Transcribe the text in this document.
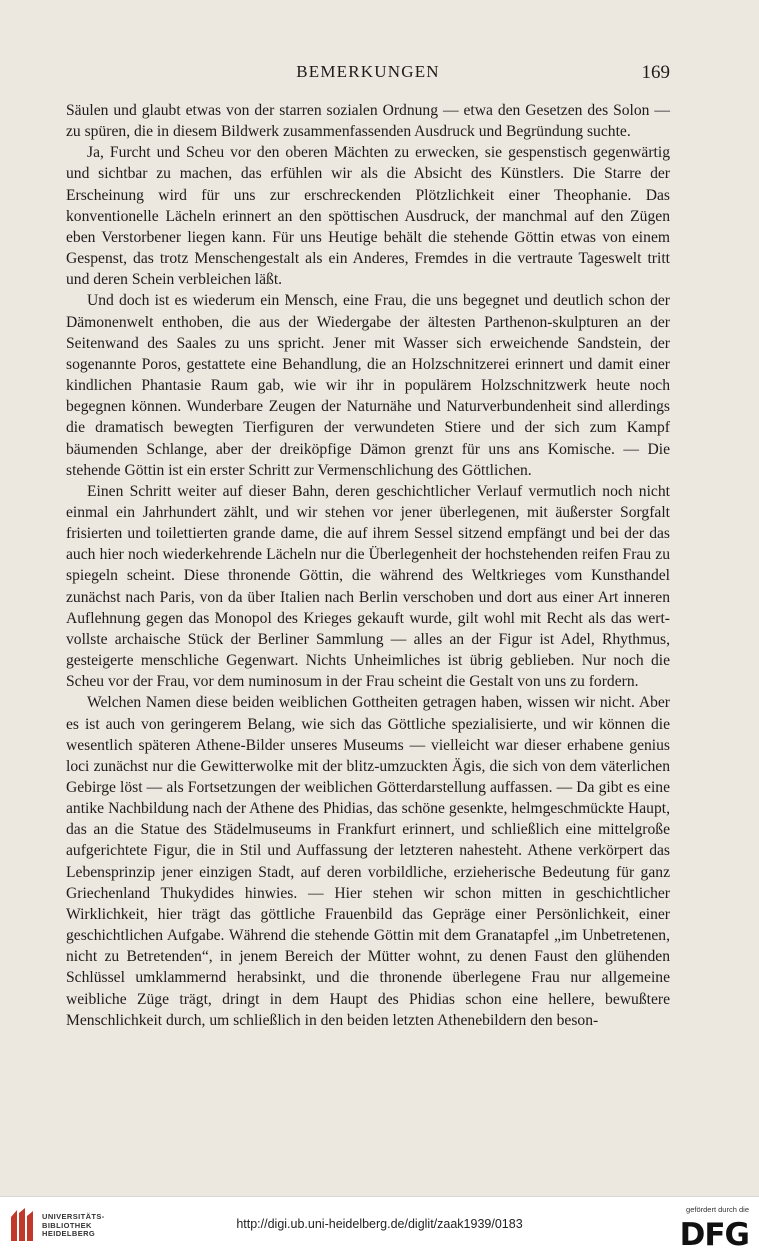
BEMERKUNGEN	169

Säulen und glaubt etwas von der starren sozialen Ordnung — etwa den Gesetzen des Solon — zu spüren, die in diesem Bildwerk zusammenfassenden Ausdruck und Begründung suchte.

Ja, Furcht und Scheu vor den oberen Mächten zu erwecken, sie gespenstisch gegenwärtig und sichtbar zu machen, das erfühlen wir als die Absicht des Künstlers. Die Starre der Erscheinung wird für uns zur erschreckenden Plötzlichkeit einer Theophanie. Das konventionelle Lächeln erinnert an den spöttischen Ausdruck, der manchmal auf den Zügen eben Verstorbener liegen kann. Für uns Heutige behält die stehende Göttin etwas von einem Gespenst, das trotz Menschengestalt als ein Anderes, Fremdes in die vertraute Tageswelt tritt und deren Schein verbleichen läßt.

Und doch ist es wiederum ein Mensch, eine Frau, die uns begegnet und deutlich schon der Dämonenwelt enthoben, die aus der Wiedergabe der ältesten Parthenon-skulpturen an der Seitenwand des Saales zu uns spricht. Jener mit Wasser sich erweichende Sandstein, der sogenannte Poros, gestattete eine Behandlung, die an Holzschnitzerei erinnert und damit einer kindlichen Phantasie Raum gab, wie wir ihr in populärem Holzschnitzwerk heute noch begegnen können. Wunderbare Zeugen der Naturnähe und Naturverbundenheit sind allerdings die dramatisch bewegten Tierfiguren der verwundeten Stiere und der sich zum Kampf bäumenden Schlange, aber der dreiköpfige Dämon grenzt für uns ans Komische. — Die stehende Göttin ist ein erster Schritt zur Vermenschlichung des Göttlichen.

Einen Schritt weiter auf dieser Bahn, deren geschichtlicher Verlauf vermutlich noch nicht einmal ein Jahrhundert zählt, und wir stehen vor jener überlegenen, mit äußerster Sorgfalt frisierten und toilettierten grande dame, die auf ihrem Sessel sitzend empfängt und bei der das auch hier noch wiederkehrende Lächeln nur die Überlegenheit der hochstehenden reifen Frau zu spiegeln scheint. Diese thronende Göttin, die während des Weltkrieges vom Kunsthandel zunächst nach Paris, von da über Italien nach Berlin verschoben und dort aus einer Art inneren Auflehnung gegen das Monopol des Krieges gekauft wurde, gilt wohl mit Recht als das wert-vollste archaische Stück der Berliner Sammlung — alles an der Figur ist Adel, Rhythmus, gesteigerte menschliche Gegenwart. Nichts Unheimliches ist übrig geblieben. Nur noch die Scheu vor der Frau, vor dem numinosum in der Frau scheint die Gestalt von uns zu fordern.

Welchen Namen diese beiden weiblichen Gottheiten getragen haben, wissen wir nicht. Aber es ist auch von geringerem Belang, wie sich das Göttliche spezialisierte, und wir können die wesentlich späteren Athene-Bilder unseres Museums — vielleicht war dieser erhabene genius loci zunächst nur die Gewitterwolke mit der blitz-umzuckten Ägis, die sich von dem väterlichen Gebirge löst — als Fortsetzungen der weiblichen Götterdarstellung auffassen. — Da gibt es eine antike Nachbildung nach der Athene des Phidias, das schöne gesenkte, helmgeschmückte Haupt, das an die Statue des Städelmuseums in Frankfurt erinnert, und schließlich eine mittelgroße aufgerichtete Figur, die in Stil und Auffassung der letzteren nahesteht. Athene verkörpert das Lebensprinzip jener einzigen Stadt, auf deren vorbildliche, erzieherische Bedeutung für ganz Griechenland Thukydides hinwies. — Hier stehen wir schon mitten in geschichtlicher Wirklichkeit, hier trägt das göttliche Frauenbild das Gepräge einer Persönlichkeit, einer geschichtlichen Aufgabe. Während die stehende Göttin mit dem Granatapfel „im Unbetretenen, nicht zu Betretenden“, in jenem Bereich der Mütter wohnt, zu denen Faust den glühenden Schlüssel umklammernd herabsinkt, und die thronende überlegene Frau nur allgemeine weibliche Züge trägt, dringt in dem Haupt des Phidias schon eine hellere, bewußtere Menschlichkeit durch, um schließlich in den beiden letzten Athenebildern den beson-

UNIVERSITÄTS-
BIBLIOTHEK
HEIDELBERG
http://digi.ub.uni-heidelberg.de/diglit/zaak1939/0183
gefördert durch die
DFG
